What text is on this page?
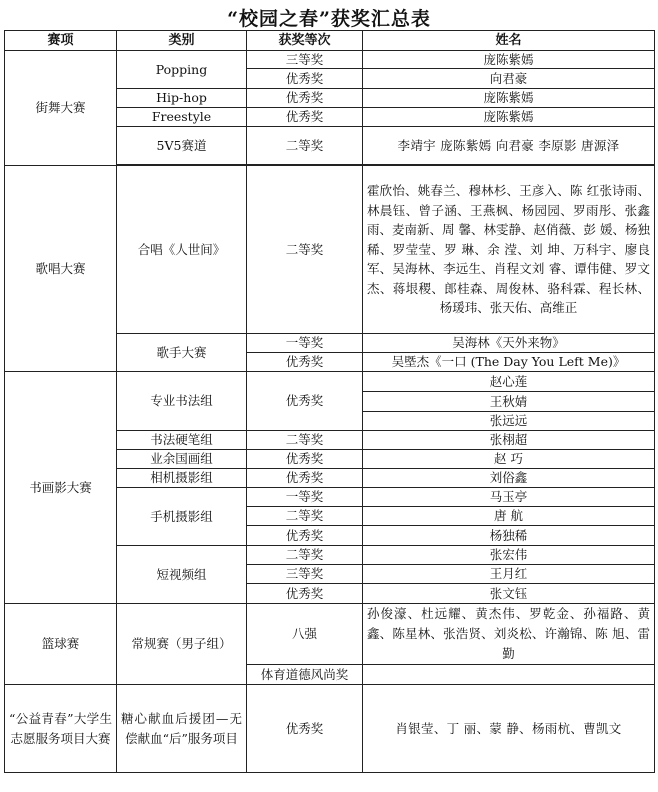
“校园之春”获奖汇总表
赛项	类别	获奖等次	姓名
街舞大赛	Popping	三等奖	庞陈紫嫣
		优秀奖	向君豪
	Hip-hop	优秀奖	庞陈紫嫣
	Freestyle	优秀奖	庞陈紫嫣
	5V5赛道	二等奖	李靖宇 庞陈紫嫣 向君豪 李原影 唐源泽

歌唱大赛	合唱《人世间》	二等奖	霍欣怡、姚春兰、穆林杉、王彦入、陈 红张诗雨、林晨钰、曾子涵、王燕枫、杨园园、罗雨彤、张鑫雨、麦南新、周 馨、林雯静、赵俏薇、彭 媛、杨独稀、罗莹莹、罗 琳、余 滢、刘 坤、万科宇、廖良军、吴海林、李远生、肖程文刘 睿、谭伟健、罗文杰、蒋垠稷、郎桂森、周俊林、骆科霖、程长林、杨瑗玮、张天佑、高维正
	歌手大赛	一等奖	吴海林《天外来物》
		优秀奖	吴塈杰《一口 (The Day You Left Me)》
书画影大赛	专业书法组	优秀奖	赵心莲
			王秋婧
			张远远
	书法硬笔组	二等奖	张栩超
	业余国画组	优秀奖	赵 巧
	相机摄影组	优秀奖	刘俗鑫
	手机摄影组	一等奖	马玉亭
		二等奖	唐 航
		优秀奖	杨独稀
	短视频组	二等奖	张宏伟
		三等奖	王月红
		优秀奖	张文钰
篮球赛	常规赛（男子组）	八强	孙俊濠、杜远耀、黄杰伟、罗乾金、孙福路、黄 鑫、陈星林、张浩贤、刘炎松、许瀚锦、陈 旭、雷 勤
		体育道德风尚奖	
“公益青春”大学生志愿服务项目大赛	糖心献血后援团—无偿献血“后”服务项目	优秀奖	肖银莹、丁 丽、蒙 静、杨雨杭、曹凯文
